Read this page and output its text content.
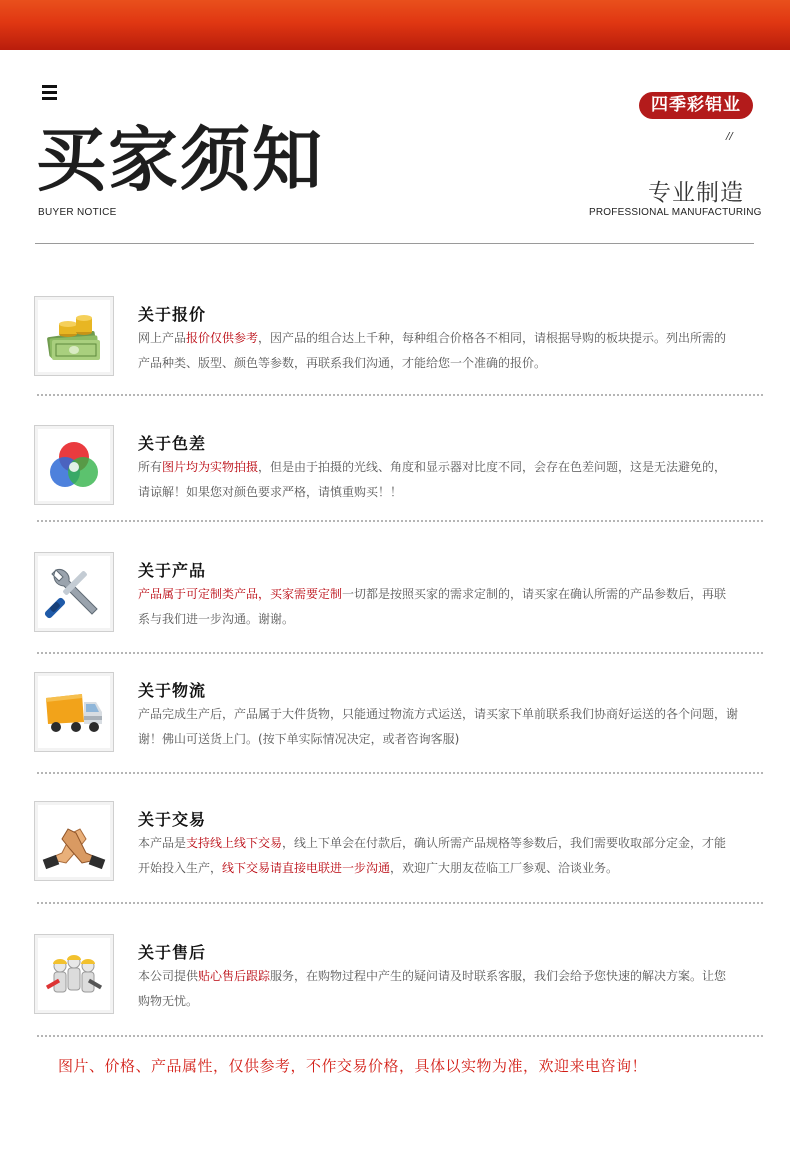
买家须知
BUYER NOTICE
四季彩铝业
//
专业制造
PROFESSIONAL MANUFACTURING
关于报价
网上产品报价仅供参考，因产品的组合达上千种，每种组合价格各不相同，请根据导购的板块提示。列出所需的产品种类、版型、颜色等参数，再联系我们沟通，才能给您一个准确的报价。
关于色差
所有图片均为实物拍摄，但是由于拍摄的光线、角度和显示器对比度不同，会存在色差问题，这是无法避免的，请谅解！如果您对颜色要求严格，请慎重购买！！
关于产品
产品属于可定制类产品，买家需要定制一切都是按照买家的需求定制的，请买家在确认所需的产品参数后，再联系与我们进一步沟通。谢谢。
关于物流
产品完成生产后，产品属于大件货物，只能通过物流方式运送，请买家下单前联系我们协商好运送的各个问题，谢谢！佛山可送货上门。(按下单实际情况决定，或者咨询客服)
关于交易
本产品是支持线上线下交易，线上下单会在付款后，确认所需产品规格等参数后，我们需要收取部分定金，才能开始投入生产，线下交易请直接电联进一步沟通，欢迎广大朋友莅临工厂参观、洽谈业务。
关于售后
本公司提供贴心售后跟踪服务，在购物过程中产生的疑问请及时联系客服，我们会给予您快速的解决方案。让您购物无忧。
图片、价格、产品属性，仅供参考，不作交易价格，具体以实物为准，欢迎来电咨询！
